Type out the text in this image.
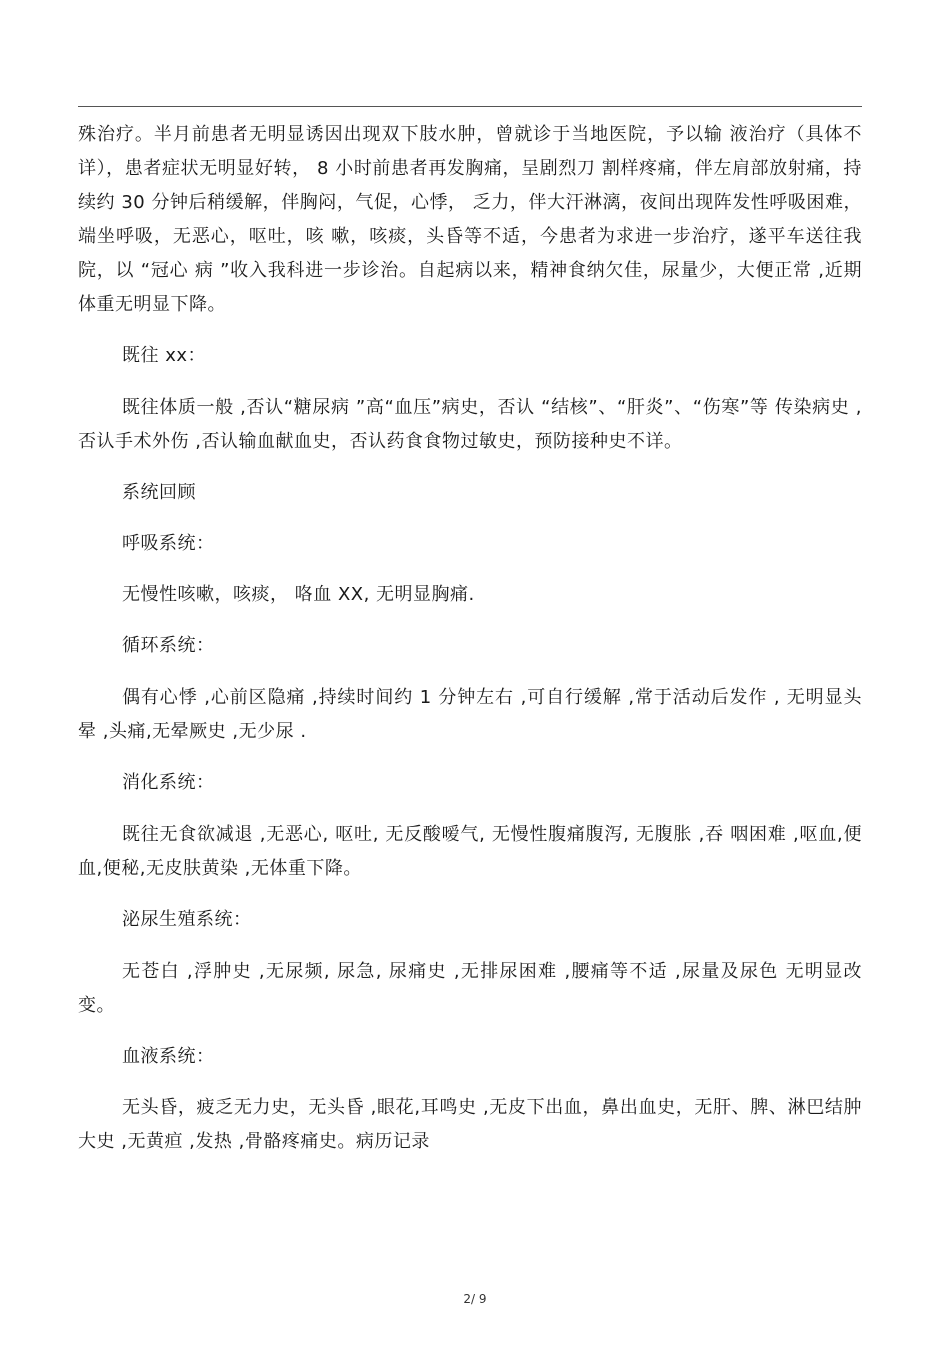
殊治疗。半月前患者无明显诱因出现双下肢水肿，曾就诊于当地医院，予以输 液治疗（具体不详），患者症状无明显好转， 8 小时前患者再发胸痛，呈剧烈刀 割样疼痛，伴左肩部放射痛，持续约 30 分钟后稍缓解，伴胸闷，气促，心悸， 乏力，伴大汗淋漓，夜间出现阵发性呼吸困难，端坐呼吸，无恶心，呕吐，咳 嗽，咳痰，头昏等不适，今患者为求进一步治疗，遂平车送往我院，以 “冠心 病 ”收入我科进一步诊治。自起病以来，精神食纳欠佳，尿量少，大便正常 ,近期体重无明显下降。

既往 xx：

既往体质一般 ,否认“糖尿病 ”高“血压”病史，否认 “结核”、“肝炎”、“伤寒”等 传染病史 ,否认手术外伤 ,否认输血献血史，否认药食食物过敏史，预防接种史不详。

系统回顾

呼吸系统：

无慢性咳嗽，咳痰， 咯血 XX, 无明显胸痛.

循环系统：

偶有心悸 ,心前区隐痛 ,持续时间约 1 分钟左右 ,可自行缓解 ,常于活动后发作 , 无明显头晕 ,头痛,无晕厥史 ,无少尿 .

消化系统：

既往无食欲减退 ,无恶心, 呕吐, 无反酸嗳气, 无慢性腹痛腹泻, 无腹胀 ,吞 咽困难 ,呕血,便血,便秘,无皮肤黄染 ,无体重下降。

泌尿生殖系统：

无苍白 ,浮肿史 ,无尿频, 尿急, 尿痛史 ,无排尿困难 ,腰痛等不适 ,尿量及尿色 无明显改变。

血液系统：

无头昏，疲乏无力史，无头昏 ,眼花,耳鸣史 ,无皮下出血，鼻出血史，无肝、脾、淋巴结肿大史 ,无黄疸 ,发热 ,骨骼疼痛史。病历记录

2/ 9
